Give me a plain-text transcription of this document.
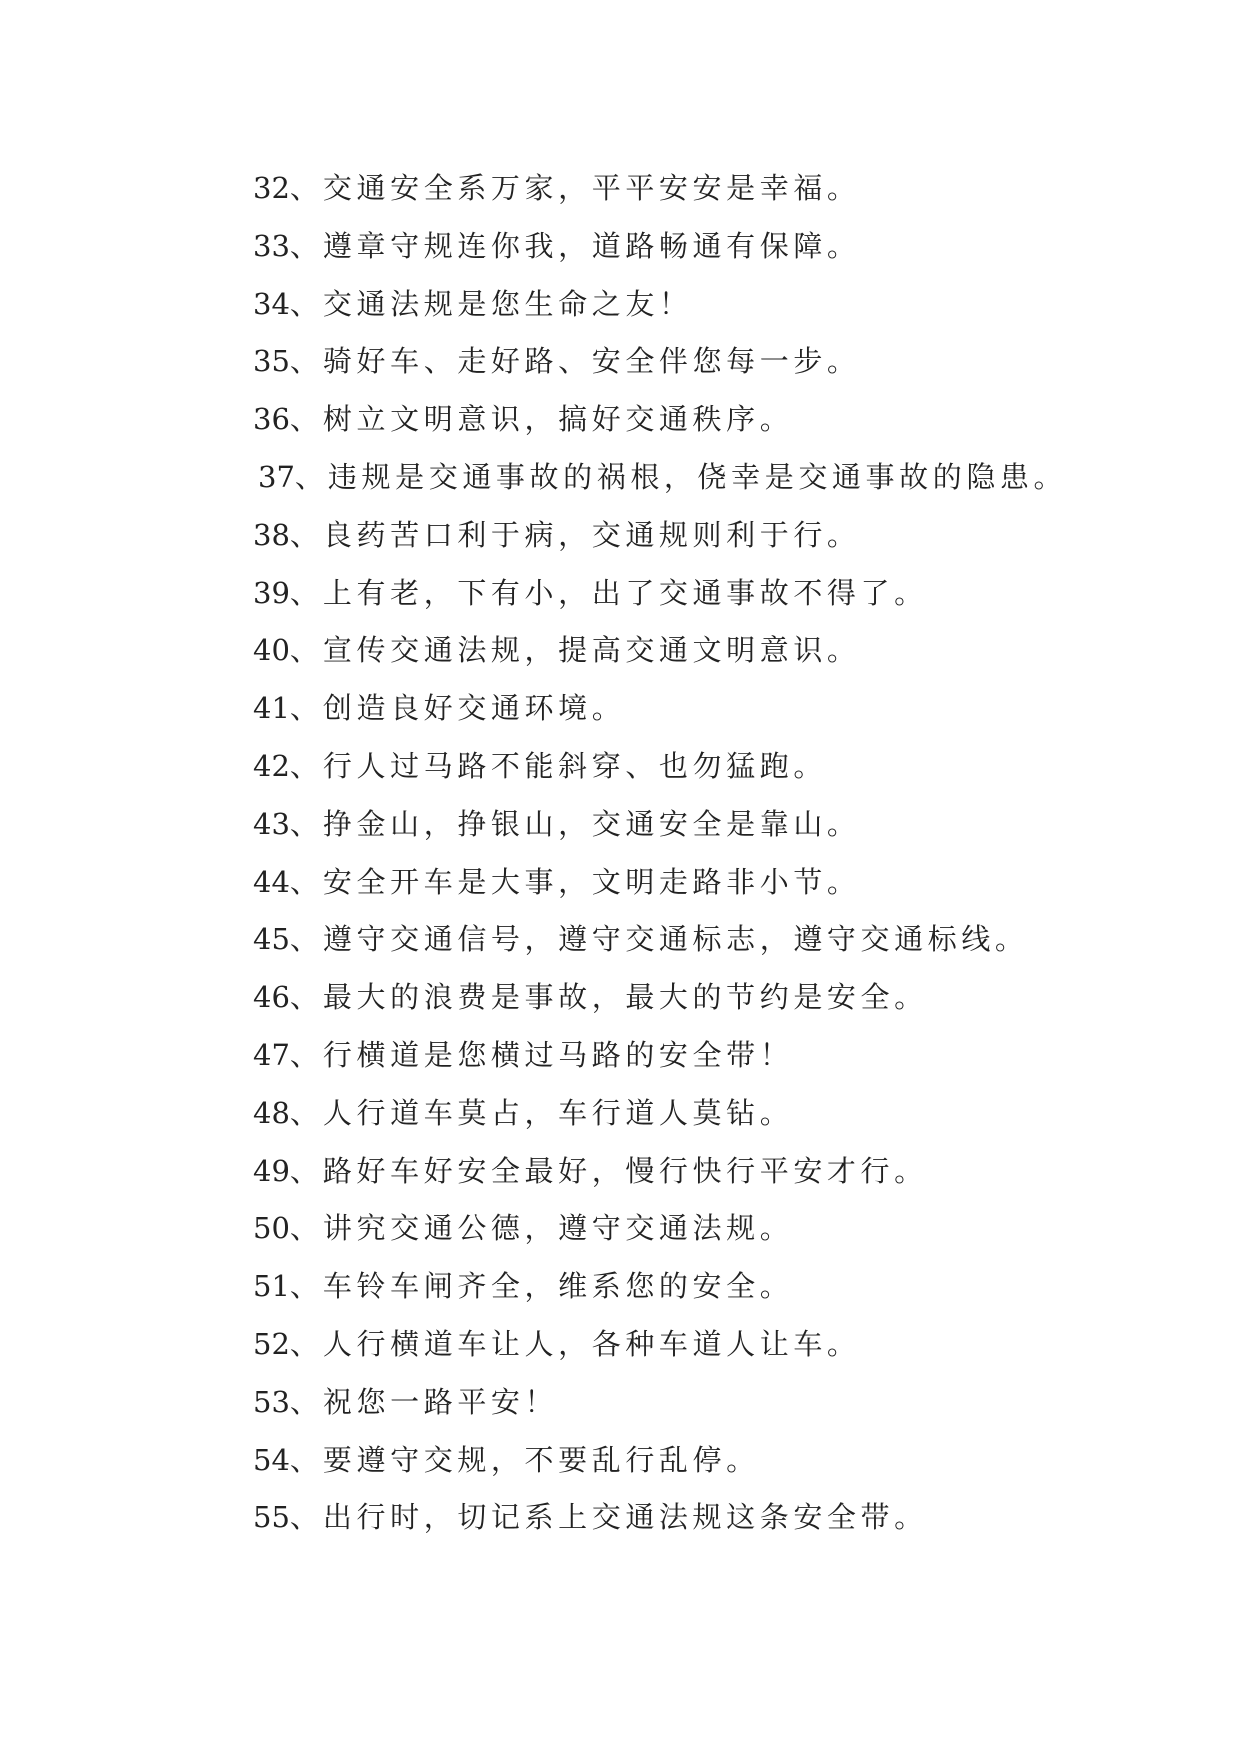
32 、 交通安全系万家，平平安安是幸福。
33 、 遵章守规连你我，道路畅通有保障。
34 、 交通法规是您生命之友！
35 、 骑好车、走好路、安全伴您每一步。
36 、 树立文明意识，搞好交通秩序。
37 、 违规是交通事故的祸根，侥幸是交通事故的隐患。
38 、 良药苦口利于病，交通规则利于行。
39 、 上有老，下有小，出了交通事故不得了。
40 、 宣传交通法规，提高交通文明意识。
41 、 创造良好交通环境。
42 、 行人过马路不能斜穿、也勿猛跑。
43 、 挣金山，挣银山，交通安全是靠山。
44 、 安全开车是大事，文明走路非小节。
45 、 遵守交通信号，遵守交通标志，遵守交通标线。
46 、 最大的浪费是事故，最大的节约是安全。
47 、 行横道是您横过马路的安全带！
48 、 人行道车莫占，车行道人莫钻。
49 、 路好车好安全最好，慢行快行平安才行。
50 、 讲究交通公德，遵守交通法规。
51 、 车铃车闸齐全，维系您的安全。
52 、 人行横道车让人，各种车道人让车。
53 、 祝您一路平安！
54 、 要遵守交规，不要乱行乱停。
55 、 出行时，切记系上交通法规这条安全带。
